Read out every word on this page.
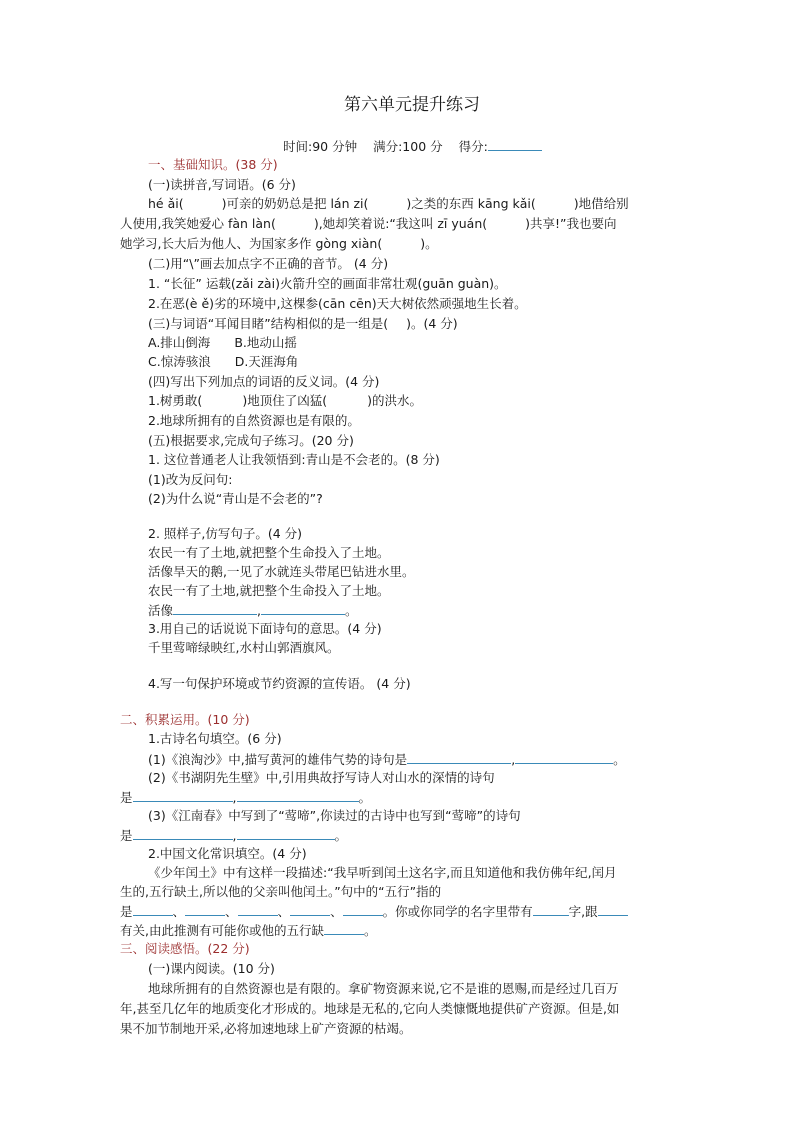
第六单元提升练习
时间:90 分钟 满分:100 分 得分:
一、基础知识。(38 分)
(一)读拼音,写词语。(6 分)
hé ǎi(	)可亲的奶奶总是把 lán zi(	)之类的东西 kāng kǎi(	)地借给别
人使用,我笑她爱心 fàn làn(	),她却笑着说:“我这叫 zī yuán(	)共享!”我也要向
她学习,长大后为他人、为国家多作 gòng xiàn(	)。
(二)用“\”画去加点字不正确的音节。 (4 分)
1. “长征” 运载(zǎi zài)火箭升空的画面非常壮观(guān guàn)。
2.在恶(è ě)劣的环境中,这棵参(cān cēn)天大树依然顽强地生长着。
(三)与词语“耳闻目睹”结构相似的是一组是( )。(4 分)
A.排山倒海 B.地动山摇
C.惊涛骇浪 D.天涯海角
(四)写出下列加点的词语的反义词。(4 分)
1.树勇敢(	)地顶住了凶猛(	)的洪水。
2.地球所拥有的自然资源也是有限的。
(五)根据要求,完成句子练习。(20 分)
1. 这位普通老人让我领悟到:青山是不会老的。(8 分)
(1)改为反问句:
(2)为什么说“青山是不会老的”?
2. 照样子,仿写句子。(4 分)
农民一有了土地,就把整个生命投入了土地。
活像旱天的鹅,一见了水就连头带尾巴钻进水里。
农民一有了土地,就把整个生命投入了土地。
活像	,	。
3.用自己的话说说下面诗句的意思。(4 分)
千里莺啼绿映红,水村山郭酒旗风。
4.写一句保护环境或节约资源的宣传语。 (4 分)
二、积累运用。(10 分)
1.古诗名句填空。(6 分)
(1)《浪淘沙》中,描写黄河的雄伟气势的诗句是	,	。
(2)《书湖阴先生壁》中,引用典故抒写诗人对山水的深情的诗句
是	,	。
(3)《江南春》中写到了“莺啼”,你读过的古诗中也写到“莺啼”的诗句
是	,	。
2.中国文化常识填空。(4 分)
《少年闰土》中有这样一段描述:“我早听到闰土这名字,而且知道他和我仿佛年纪,闰月
生的,五行缺土,所以他的父亲叫他闰土。”句中的“五行”指的
是	、	、	、	、	。你或你同学的名字里带有	字,跟
有关,由此推测有可能你或他的五行缺	。
三、阅读感悟。(22 分)
(一)课内阅读。(10 分)
地球所拥有的自然资源也是有限的。拿矿物资源来说,它不是谁的恩赐,而是经过几百万
年,甚至几亿年的地质变化才形成的。地球是无私的,它向人类慷慨地提供矿产资源。但是,如
果不加节制地开采,必将加速地球上矿产资源的枯竭。
